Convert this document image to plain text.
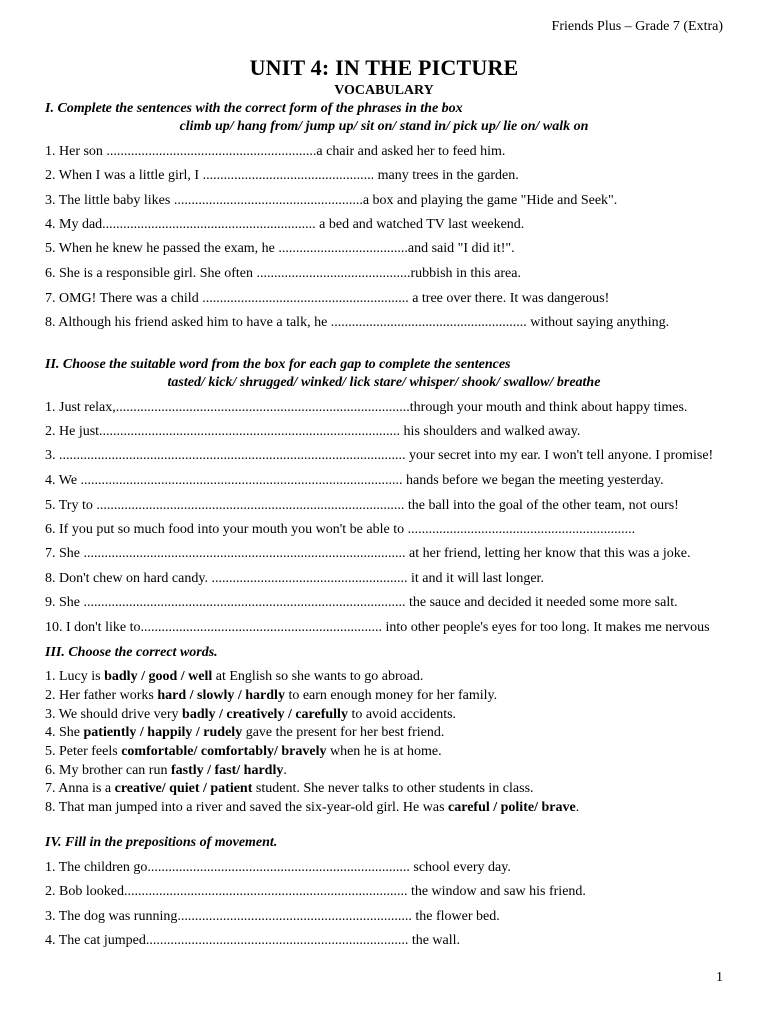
Friends Plus – Grade 7 (Extra)
UNIT 4: IN THE PICTURE
VOCABULARY
I. Complete the sentences with the correct form of the phrases in the box
climb up/ hang from/ jump up/ sit on/ stand in/ pick up/ lie on/ walk on
1. Her son ............................................................a chair and asked her to feed him.
2. When I was a little girl, I ................................................. many trees in the garden.
3. The little baby likes ......................................................a box and playing the game "Hide and Seek".
4. My dad............................................................. a bed and watched TV last weekend.
5. When he knew he passed the exam, he .....................................and said "I did it!".
6. She is a responsible girl. She often ............................................rubbish in this area.
7. OMG! There was a child ........................................................... a tree over there. It was dangerous!
8. Although his friend asked him to have a talk, he ........................................................ without saying anything.
II. Choose the suitable word from the box for each gap to complete the sentences
tasted/ kick/ shrugged/ winked/ lick stare/ whisper/ shook/ swallow/ breathe
1. Just relax,....................................................................................through your mouth and think about happy times.
2. He just...................................................................................... his shoulders and walked away.
3. ................................................................................................... your secret into my ear. I won't tell anyone. I promise!
4. We ............................................................................................ hands before we began the meeting yesterday.
5. Try to ........................................................................................ the ball into the goal of the other team, not ours!
6. If you put so much food into your mouth you won't be able to .................................................................
7. She ............................................................................................ at her friend, letting her know that this was a joke.
8. Don't chew on hard candy. ........................................................ it and it will last longer.
9. She ............................................................................................ the sauce and decided it needed some more salt.
10. I don't like to..................................................................... into other people's eyes for too long. It makes me nervous
III. Choose the correct words.
1. Lucy is badly / good / well at English so she wants to go abroad.
2. Her father works hard / slowly / hardly to earn enough money for her family.
3. We should drive very badly / creatively / carefully to avoid accidents.
4. She patiently / happily / rudely gave the present for her best friend.
5. Peter feels comfortable/ comfortably/ bravely when he is at home.
6. My brother can run fastly / fast/ hardly.
7. Anna is a creative/ quiet / patient student. She never talks to other students in class.
8. That man jumped into a river and saved the six-year-old girl. He was careful / polite/ brave.
IV. Fill in the prepositions of movement.
1. The children go........................................................................... school every day.
2. Bob looked................................................................................. the window and saw his friend.
3. The dog was running................................................................... the flower bed.
4. The cat jumped........................................................................... the wall.
1
